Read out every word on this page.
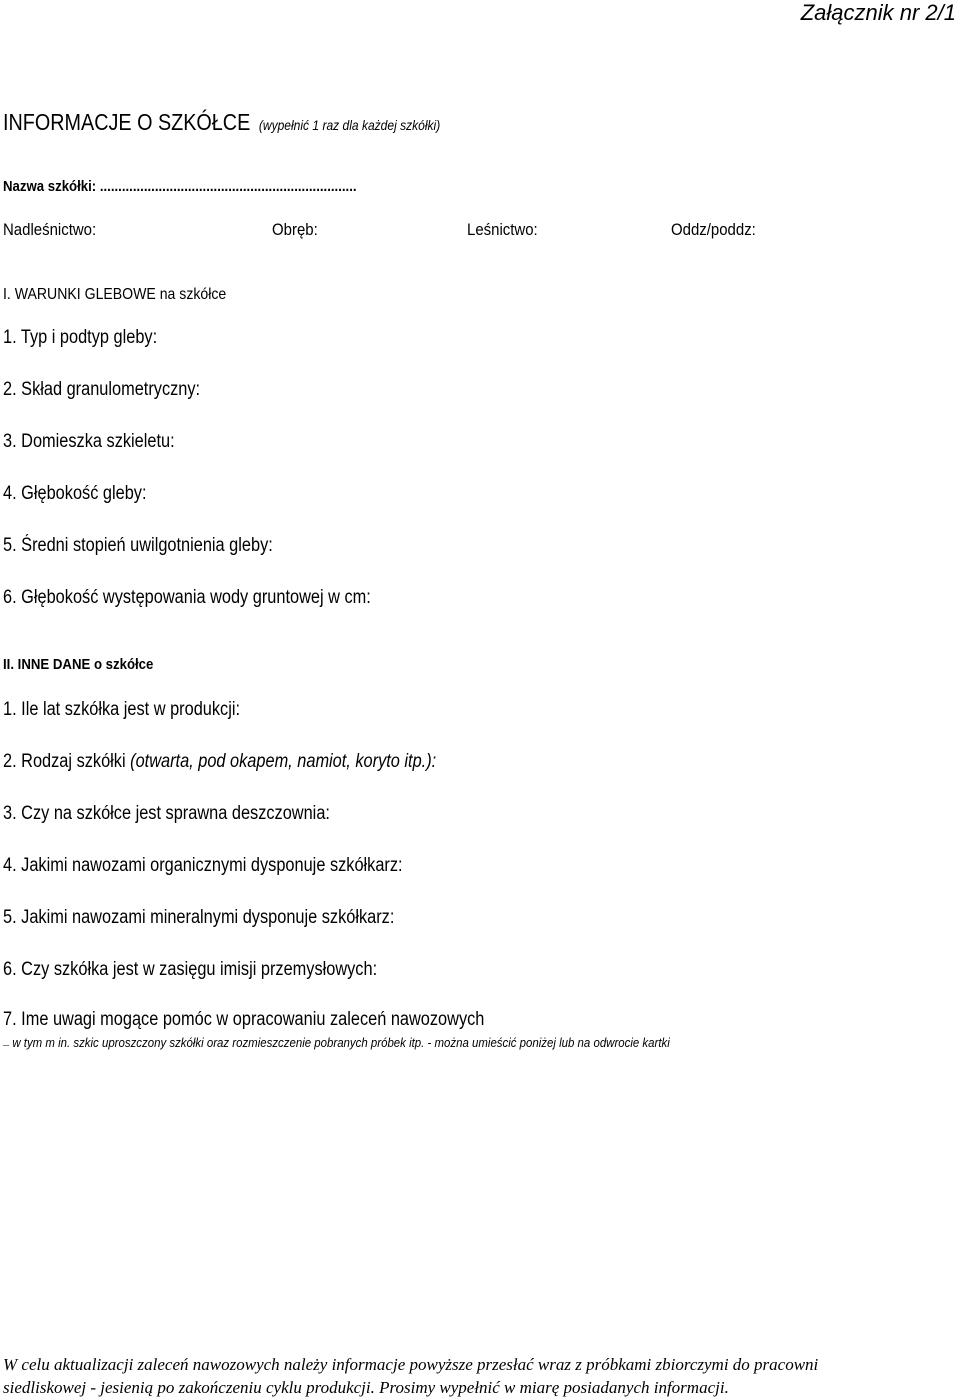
Załącznik nr 2/1
INFORMACJE O SZKÓŁCE (wypełnić 1 raz dla każdej szkółki)
Nazwa szkółki: ......................................................................
Nadleśnictwo:	Obręb:	Leśnictwo:	Oddz/poddz:
I. WARUNKI GLEBOWE na szkółce
1. Typ i podtyp gleby:
2. Skład granulometryczny:
3. Domieszka szkieletu:
4. Głębokość gleby:
5. Średni stopień uwilgotnienia gleby:
6. Głębokość występowania wody gruntowej w cm:
II. INNE DANE o szkółce
1. Ile lat szkółka jest w produkcji:
2. Rodzaj szkółki (otwarta, pod okapem, namiot, koryto itp.):
3. Czy na szkółce jest sprawna deszczownia:
4. Jakimi nawozami organicznymi dysponuje szkółkarz:
5. Jakimi nawozami mineralnymi dysponuje szkółkarz:
6. Czy szkółka jest w zasięgu imisji przemysłowych:
7. Ime uwagi mogące pomóc w opracowaniu zaleceń nawozowych
— w tym m in. szkic uproszczony szkółki oraz rozmieszczenie pobranych próbek itp. - można umieścić poniżej lub na odwrocie kartki
W celu aktualizacji zaleceń nawozowych należy informacje powyższe przesłać wraz z próbkami zbiorczymi do pracowni
siedliskowej - jesienią po zakończeniu cyklu produkcji. Prosimy wypełnić w miarę posiadanych informacji.
